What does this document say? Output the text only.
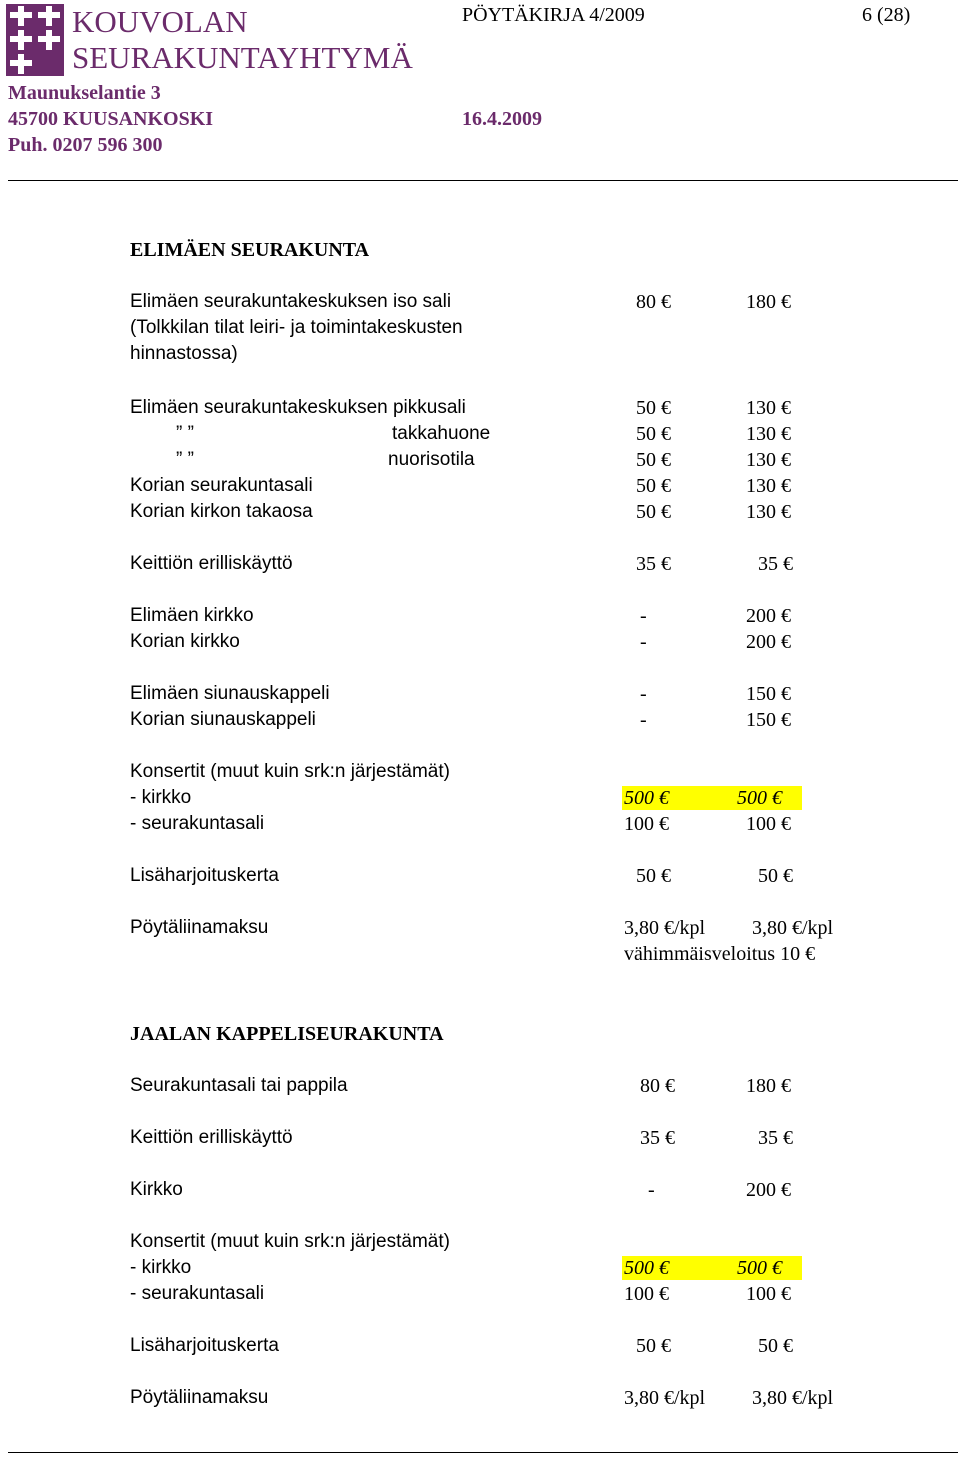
KOUVOLAN
SEURAKUNTAYHTYMÄ
PÖYTÄKIRJA 4/2009	6 (28)
Maunukselantie 3
45700 KUUSANKOSKI	16.4.2009
Puh. 0207 596 300
ELIMÄEN SEURAKUNTA
Elimäen seurakuntakeskuksen iso sali	80 €	180 €
(Tolkkilan tilat leiri- ja toimintakeskusten
hinnastossa)
Elimäen seurakuntakeskuksen pikkusali	50 €	130 €
” ”	takkahuone	50 €	130 €
” ”	nuorisotila	50 €	130 €
Korian seurakuntasali	50 €	130 €
Korian kirkon takaosa	50 €	130 €
Keittiön erilliskäyttö	35 €	35 €
Elimäen kirkko	-	200 €
Korian kirkko	-	200 €
Elimäen siunauskappeli	-	150 €
Korian siunauskappeli	-	150 €
Konsertit (muut kuin srk:n järjestämät)
- kirkko	500 €	500 €
- seurakuntasali	100 €	100 €
Lisäharjoituskerta	50 €	50 €
Pöytäliinamaksu	3,80 €/kpl 3,80 €/kpl
vähimmäisveloitus 10 €
JAALAN KAPPELISEURAKUNTA
Seurakuntasali tai pappila	80 €	180 €
Keittiön erilliskäyttö	35 €	35 €
Kirkko	-	200 €
Konsertit (muut kuin srk:n järjestämät)
- kirkko	500 €	500 €
- seurakuntasali	100 €	100 €
Lisäharjoituskerta	50 €	50 €
Pöytäliinamaksu	3,80 €/kpl 3,80 €/kpl
